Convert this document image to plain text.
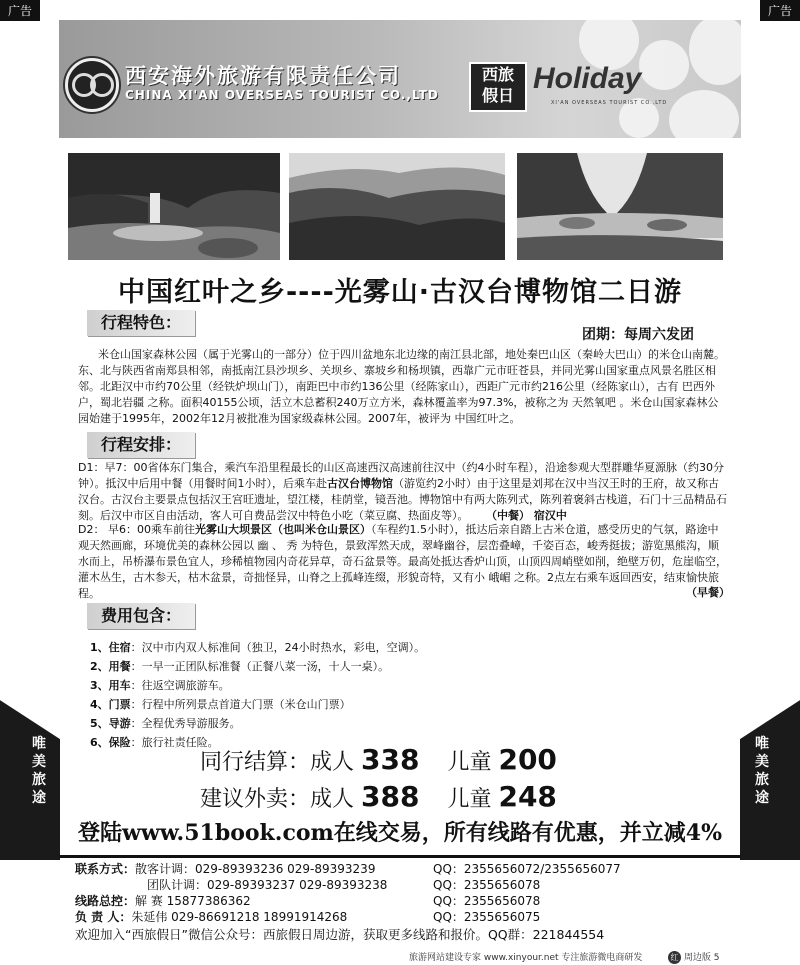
广告	广告
西安海外旅游有限责任公司
CHINA XI'AN OVERSEAS TOURIST CO.,LTD
西旅
假日
Holiday
XI'AN OVERSEAS TOURIST CO.,LTD
中国红叶之乡----光雾山·古汉台博物馆二日游
行程特色：
团期：每周六发团
米仓山国家森林公园（属于光雾山的一部分）位于四川盆地东北边缘的南江县北部，地处秦巴山区（秦岭大巴山）的米仓山南麓。东、北与陕西省南郑县相邻，南抵南江县沙坝乡、关坝乡、寨坡乡和杨坝镇，西靠广元市旺苍县，并同光雾山国家重点风景名胜区相邻。北距汉中市约70公里（经铁炉坝山门），南距巴中市约136公里（经陈家山），西距广元市约216公里（经陈家山），古有 巴西外户，蜀北岩疆 之称。面积40155公顷，活立木总蓄积240万立方米，森林覆盖率为97.3%，被称之为 天然氧吧 。米仓山国家森林公园始建于1995年，2002年12月被批准为国家级森林公园。2007年，被评为 中国红叶之。
行程安排：
D1：早7：00省体东门集合，乘汽车沿里程最长的山区高速西汉高速前往汉中（约4小时车程），沿途参观大型群雕华夏源脉（约30分钟）。抵汉中后用中餐（用餐时间1小时），后乘车赴古汉台博物馆（游览约2小时）由于这里是刘邦在汉中当汉王时的王府，故又称古汉台。古汉台主要景点包括汉王宫旺遗址，望江楼，桂荫堂，镜吾池。博物馆中有两大陈列式，陈列着褒斜古栈道，石门十三品精品石刻。后汉中市区自由活动，客人可自费品尝汉中特色小吃（菜豆腐、热面皮等）。 （中餐） 宿汉中
D2： 早6：00乘车前往光雾山大坝景区（也叫米仓山景区）（车程约1.5小时），抵达后亲自踏上古米仓道，感受历史的气氛，路途中观天然画廊，环境优美的森林公园以 幽 、 秀 为特色，景致浑然天成，翠峰幽谷，层峦叠嶂，千姿百态，峻秀挺拔；游览黑熊沟，顺水而上，吊桥瀑布景色宜人，珍稀植物园内奇花异草，奇石盆景等。最高处抵达香炉山顶，山顶四周峭壁如削，绝壁万仞，危崖临空，灌木丛生，古木参天，枯木盆景，奇拙怪异，山脊之上孤峰连缀，形貌奇特，又有小 峨嵋 之称。2点左右乘车返回西安，结束愉快旅程。	（早餐）
费用包含：
1、住宿：汉中市内双人标准间（独卫，24小时热水，彩电，空调）。
2、用餐：一早一正团队标准餐（正餐八菜一汤，十人一桌）。
3、用车：往返空调旅游车。
4、门票：行程中所列景点首道大门票（米仓山门票）
5、导游：全程优秀导游服务。
6、保险：旅行社责任险。
同行结算：成人 338 儿童 200
建议外卖：成人 388 儿童 248
登陆www.51book.com在线交易，所有线路有优惠，并立减4%
唯
美
旅
途
唯
美
旅
途
联系方式：散客计调：029-89393236 029-89393239	QQ：2355656072/2355656077
团队计调：029-89393237 029-89393238	QQ：2355656078
线路总控：解 赛 15877386362	QQ：2355656078
负 责 人：朱延伟 029-86691218 18991914268	QQ：2355656075
欢迎加入“西旅假日”微信公众号：西旅假日周边游，获取更多线路和报价。QQ群：221844554
旅游网站建设专家 www.xinyour.net 专注旅游微电商研发	红 周边版 5
